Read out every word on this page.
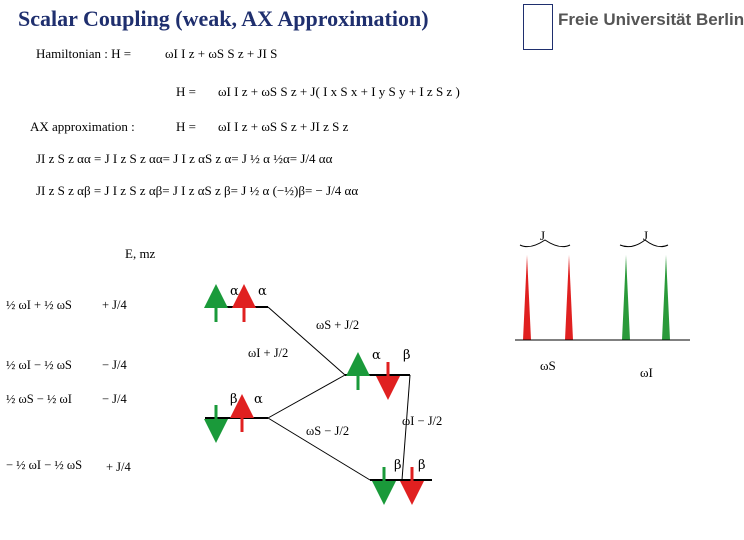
Scalar Coupling (weak, AX Approximation)	Freie Universität Berlin
Hamiltonian : H =	ωI I z + ωS S z + JI S
H = ωI I z + ωS S z + J( I x S x + I y S y + I z S z )
AX approximation :	H = ωI I z + ωS S z + JI z S z
JI z S z αα = J I z S z αα= J I z αS z α= J ½ α ½α= J/4 αα
JI z S z αβ = J I z S z αβ= J I z αS z β= J ½ α (−½)β= − J/4 αα
J	J
ωS	ωI
E, mz
½ ωI + ½ ωS + J/4
½ ωI − ½ ωS − J/4
½ ωS − ½ ωI − J/4
− ½ ωI − ½ ωS + J/4
α α
α β
β α
β β
ωS + J/2
ωI + J/2
ωS − J/2
ωI − J/2
